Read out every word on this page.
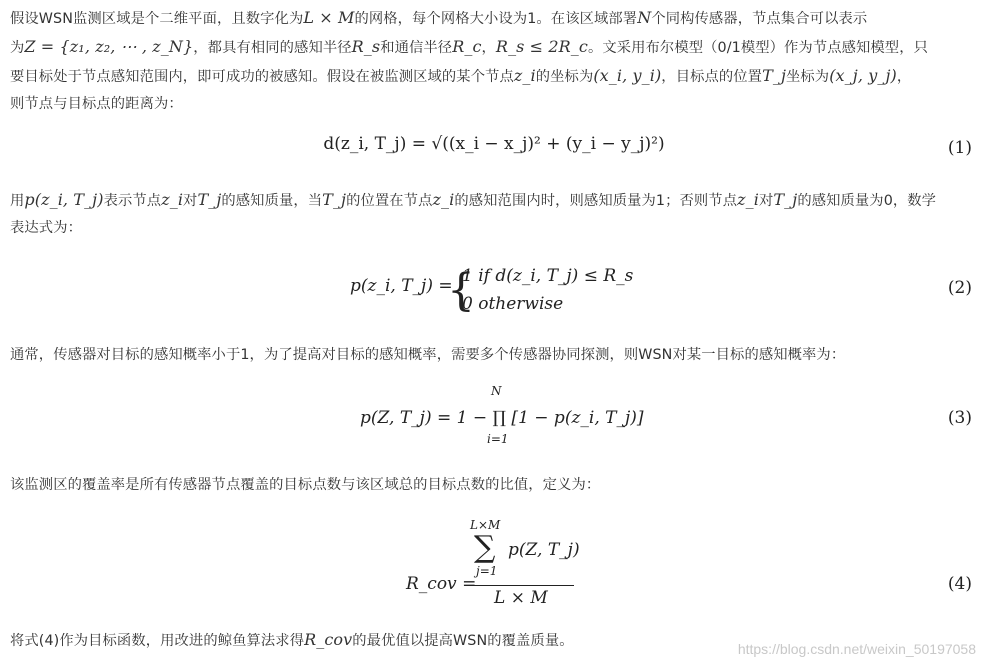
假设WSN监测区域是个二维平面，且数字化为L × M的网格，每个网格大小设为1。在该区域部署N个同构传感器，节点集合可以表示
为Z = {z₁, z₂, ⋯ , z_N}，都具有相同的感知半径R_s和通信半径R_c，R_s ≤ 2R_c。文采用布尔模型（0/1模型）作为节点感知模型，只
要目标处于节点感知范围内，即可成功的被感知。假设在被监测区域的某个节点z_i的坐标为(x_i, y_i)，目标点的位置T_j坐标为(x_j, y_j)，
则节点与目标点的距离为：
d(z_i, T_j) = √((x_i − x_j)² + (y_i − y_j)²)	(1)
用p(z_i, T_j)表示节点z_i对T_j的感知质量，当T_j的位置在节点z_i的感知范围内时，则感知质量为1；否则节点z_i对T_j的感知质量为0，数学
表达式为：
p(z_i, T_j) =
{
1 if d(z_i, T_j) ≤ R_s
0 otherwise
(2)
通常，传感器对目标的感知概率小于1，为了提高对目标的感知概率，需要多个传感器协同探测，则WSN对某一目标的感知概率为：
N
i=1
p(Z, T_j) = 1 − ∏ [1 − p(z_i, T_j)]	(3)
该监测区的覆盖率是所有传感器节点覆盖的目标点数与该区域总的目标点数的比值，定义为：
R_cov =
L×M
∑
j=1
p(Z, T_j)
L × M
(4)
将式(4)作为目标函数，用改进的鲸鱼算法求得R_cov的最优值以提高WSN的覆盖质量。	https://blog.csdn.net/weixin_50197058
